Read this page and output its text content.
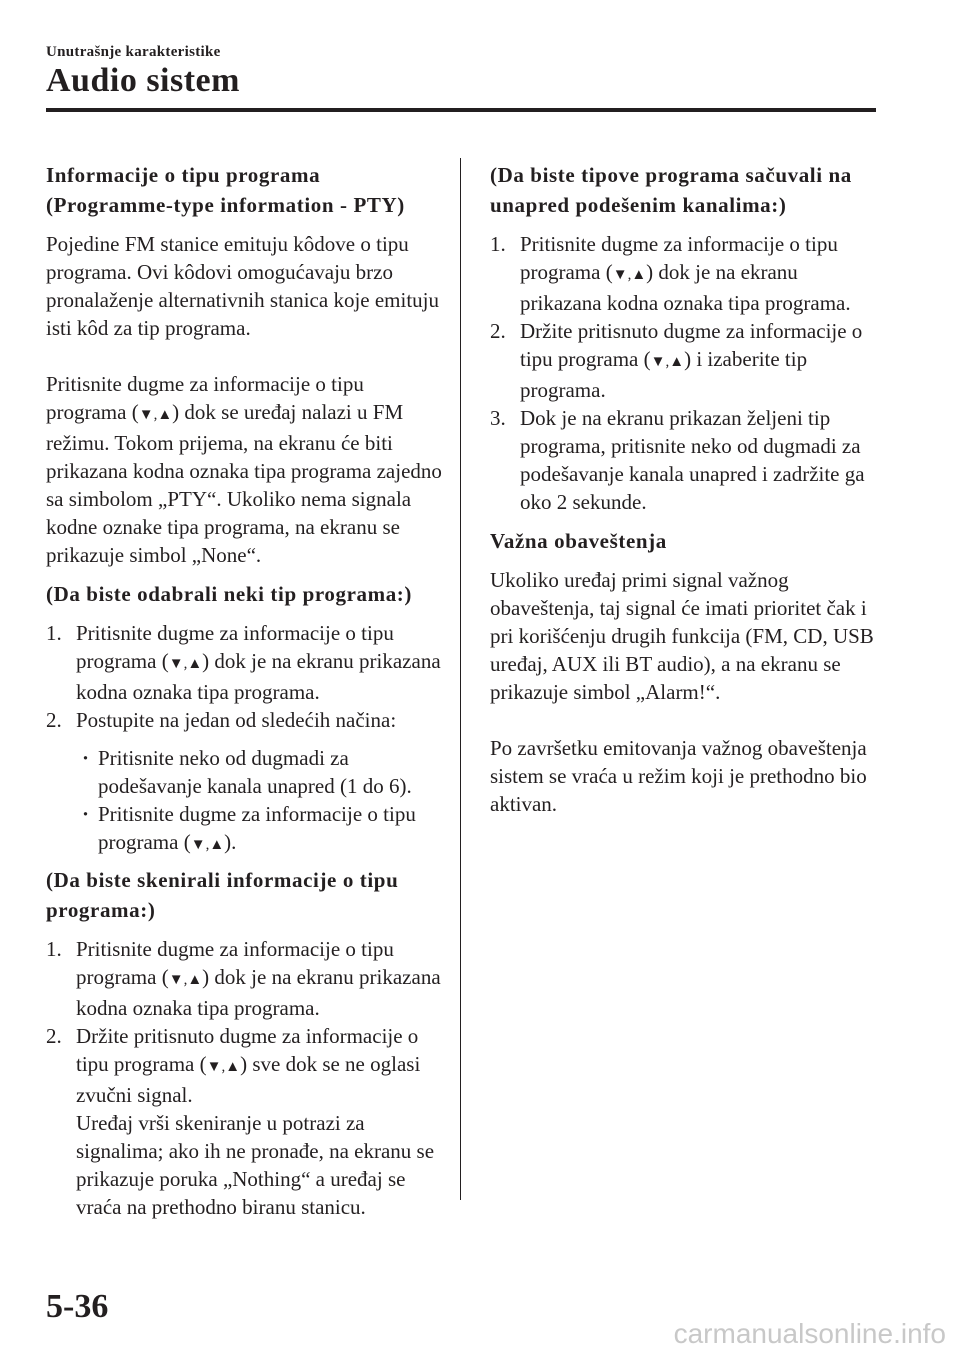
Unutrašnje karakteristike
Audio sistem
Informacije o tipu programa (Programme-type information - PTY)

Pojedine FM stanice emituju kôdove o tipu programa. Ovi kôdovi omogućavaju brzo pronalaženje alternativnih stanica koje emituju isti kôd za tip programa.

Pritisnite dugme za informacije o tipu programa (▼,▲) dok se uređaj nalazi u FM režimu. Tokom prijema, na ekranu će biti prikazana kodna oznaka tipa programa zajedno sa simbolom „PTY“. Ukoliko nema signala kodne oznake tipa programa, na ekranu se prikazuje simbol „None“.

(Da biste odabrali neki tip programa:)
1. Pritisnite dugme za informacije o tipu programa (▼,▲) dok je na ekranu prikazana kodna oznaka tipa programa.
2. Postupite na jedan od sledećih načina:
· Pritisnite neko od dugmadi za podešavanje kanala unapred (1 do 6).
· Pritisnite dugme za informacije o tipu programa (▼,▲).
(Da biste skenirali informacije o tipu programa:)
1. Pritisnite dugme za informacije o tipu programa (▼,▲) dok je na ekranu prikazana kodna oznaka tipa programa.
2. Držite pritisnuto dugme za informacije o tipu programa (▼,▲) sve dok se ne oglasi zvučni signal.
Uređaj vrši skeniranje u potrazi za signalima; ako ih ne pronađe, na ekranu se prikazuje poruka „Nothing“ a uređaj se vraća na prethodno biranu stanicu.
(Da biste tipove programa sačuvali na unapred podešenim kanalima:)
1. Pritisnite dugme za informacije o tipu programa (▼,▲) dok je na ekranu prikazana kodna oznaka tipa programa.
2. Držite pritisnuto dugme za informacije o tipu programa (▼,▲) i izaberite tip programa.
3. Dok je na ekranu prikazan željeni tip programa, pritisnite neko od dugmadi za podešavanje kanala unapred i zadržite ga oko 2 sekunde.
Važna obaveštenja

Ukoliko uređaj primi signal važnog obaveštenja, taj signal će imati prioritet čak i pri korišćenju drugih funkcija (FM, CD, USB uređaj, AUX ili BT audio), a na ekranu se prikazuje simbol „Alarm!“.

Po završetku emitovanja važnog obaveštenja sistem se vraća u režim koji je prethodno bio aktivan.

5-36
carmanualsonline.info
